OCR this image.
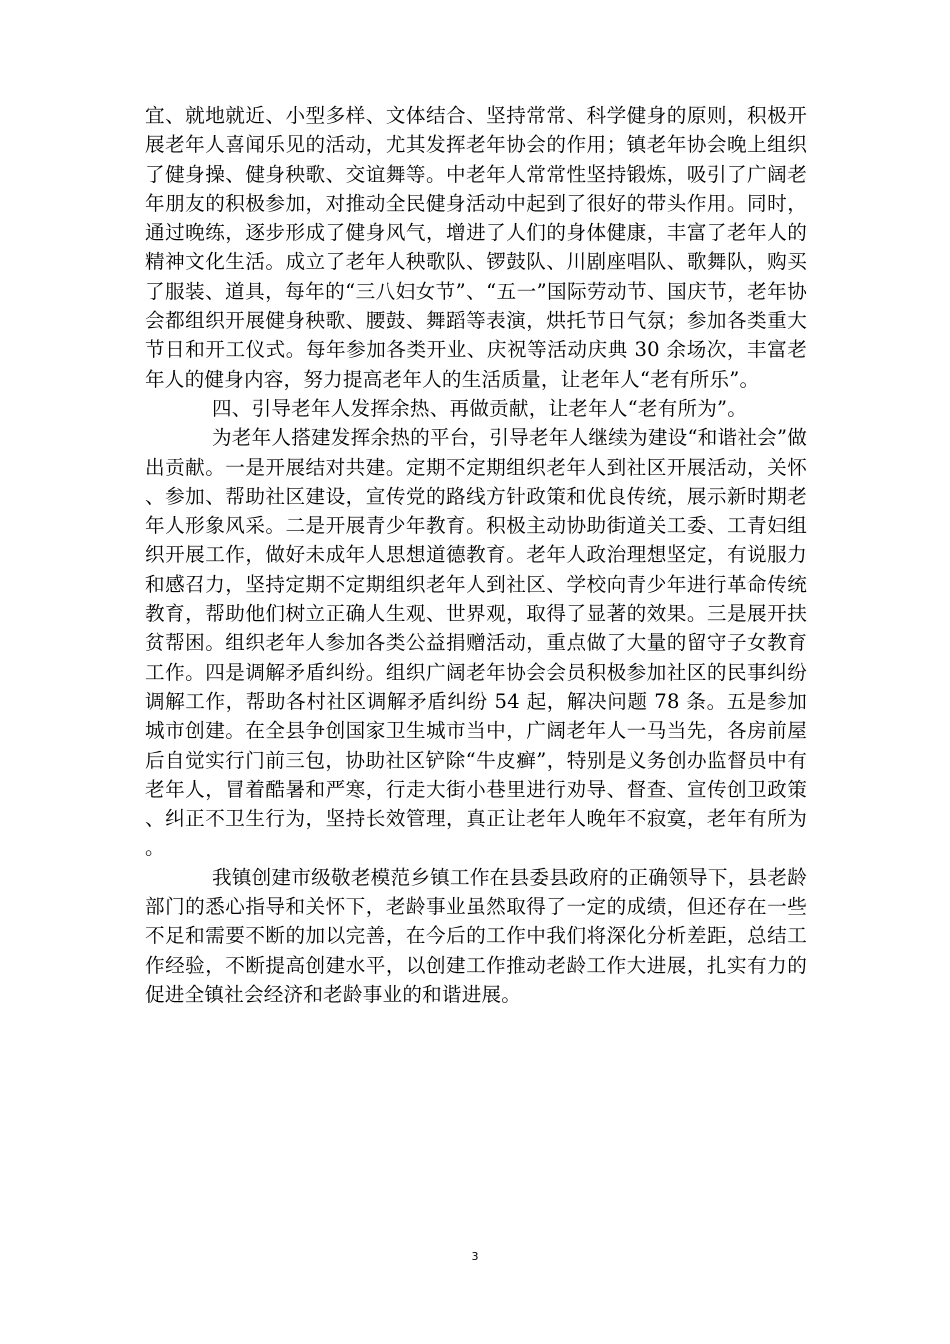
宜、就地就近、小型多样、文体结合、坚持常常、科学健身的原则，积极开展老年人喜闻乐见的活动，尤其发挥老年协会的作用；镇老年协会晚上组织了健身操、健身秧歌、交谊舞等。中老年人常常性坚持锻炼，吸引了广阔老年朋友的积极参加，对推动全民健身活动中起到了很好的带头作用。同时，通过晚练，逐步形成了健身风气，增进了人们的身体健康，丰富了老年人的精神文化生活。成立了老年人秧歌队、锣鼓队、川剧座唱队、歌舞队，购买了服装、道具，每年的“三八妇女节”、“五一”国际劳动节、国庆节，老年协会都组织开展健身秧歌、腰鼓、舞蹈等表演，烘托节日气氛；参加各类重大节日和开工仪式。每年参加各类开业、庆祝等活动庆典 30 余场次，丰富老年人的健身内容，努力提高老年人的生活质量，让老年人“老有所乐”。

四、引导老年人发挥余热、再做贡献，让老年人“老有所为”。

为老年人搭建发挥余热的平台，引导老年人继续为建设“和谐社会”做出贡献。一是开展结对共建。定期不定期组织老年人到社区开展活动，关怀、参加、帮助社区建设，宣传党的路线方针政策和优良传统，展示新时期老年人形象风采。二是开展青少年教育。积极主动协助街道关工委、工青妇组织开展工作，做好未成年人思想道德教育。老年人政治理想坚定，有说服力和感召力，坚持定期不定期组织老年人到社区、学校向青少年进行革命传统教育，帮助他们树立正确人生观、世界观，取得了显著的效果。三是展开扶贫帮困。组织老年人参加各类公益捐赠活动，重点做了大量的留守子女教育工作。四是调解矛盾纠纷。组织广阔老年协会会员积极参加社区的民事纠纷调解工作，帮助各村社区调解矛盾纠纷 54 起，解决问题 78 条。五是参加城市创建。在全县争创国家卫生城市当中，广阔老年人一马当先，各房前屋后自觉实行门前三包，协助社区铲除“牛皮癣”，特别是义务创办监督员中有老年人，冒着酷暑和严寒，行走大街小巷里进行劝导、督查、宣传创卫政策、纠正不卫生行为，坚持长效管理，真正让老年人晚年不寂寞，老年有所为。

我镇创建市级敬老模范乡镇工作在县委县政府的正确领导下，县老龄部门的悉心指导和关怀下，老龄事业虽然取得了一定的成绩，但还存在一些不足和需要不断的加以完善，在今后的工作中我们将深化分析差距，总结工作经验，不断提高创建水平，以创建工作推动老龄工作大进展，扎实有力的促进全镇社会经济和老龄事业的和谐进展。

3
